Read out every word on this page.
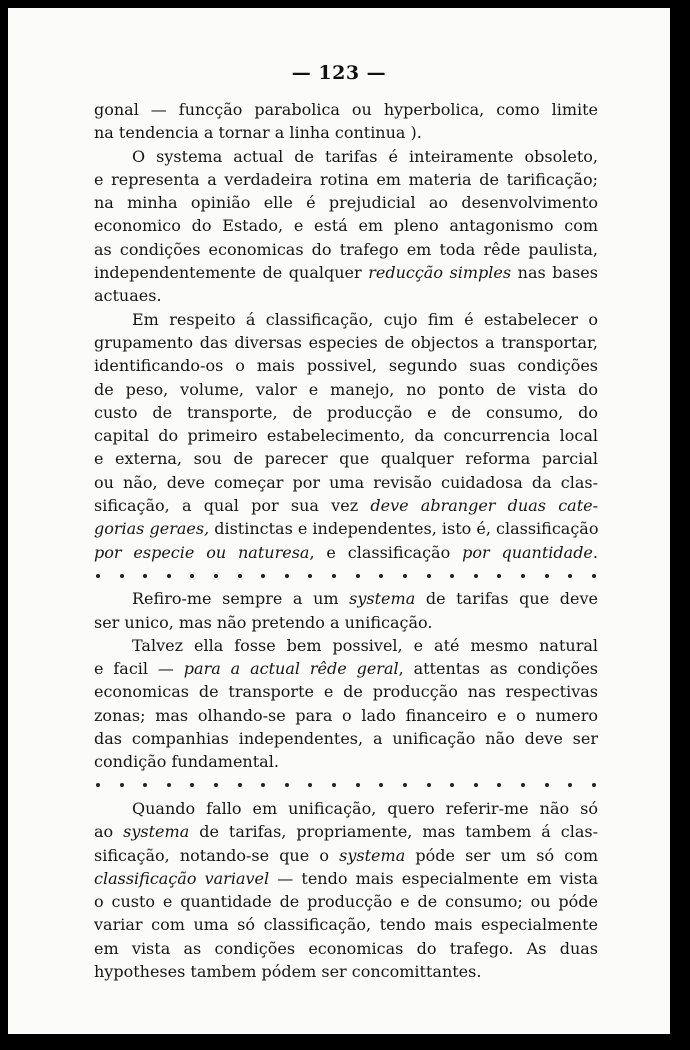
— 123 —
gonal — funcção parabolica ou hyperbolica, como limite
na tendencia a tornar a linha continua ).
O systema actual de tarifas é inteiramente obsoleto,
e representa a verdadeira rotina em materia de tarificação;
na minha opinião elle é prejudicial ao desenvolvimento
economico do Estado, e está em pleno antagonismo com
as condições economicas do trafego em toda rêde paulista,
independentemente de qualquer reducção simples nas bases
actuaes.
Em respeito á classificação, cujo fim é estabelecer o
grupamento das diversas especies de objectos a transportar,
identificando-os o mais possivel, segundo suas condições
de peso, volume, valor e manejo, no ponto de vista do
custo de transporte, de producção e de consumo, do
capital do primeiro estabelecimento, da concurrencia local
e externa, sou de parecer que qualquer reforma parcial
ou não, deve começar por uma revisão cuidadosa da clas-
sificação, a qual por sua vez deve abranger duas cate-
gorias geraes, distinctas e independentes, isto é, classificação
por especie ou naturesa, e classificação por quantidade.
Refiro-me sempre a um systema de tarifas que deve
ser unico, mas não pretendo a unificação.
Talvez ella fosse bem possivel, e até mesmo natural
e facil — para a actual rêde geral, attentas as condições
economicas de transporte e de producção nas respectivas
zonas; mas olhando-se para o lado financeiro e o numero
das companhias independentes, a unificação não deve ser
condição fundamental.
Quando fallo em unificação, quero referir-me não só
ao systema de tarifas, propriamente, mas tambem á clas-
sificação, notando-se que o systema póde ser um só com
classificação variavel — tendo mais especialmente em vista
o custo e quantidade de producção e de consumo; ou póde
variar com uma só classificação, tendo mais especialmente
em vista as condições economicas do trafego. As duas
hypotheses tambem pódem ser concomittantes.
